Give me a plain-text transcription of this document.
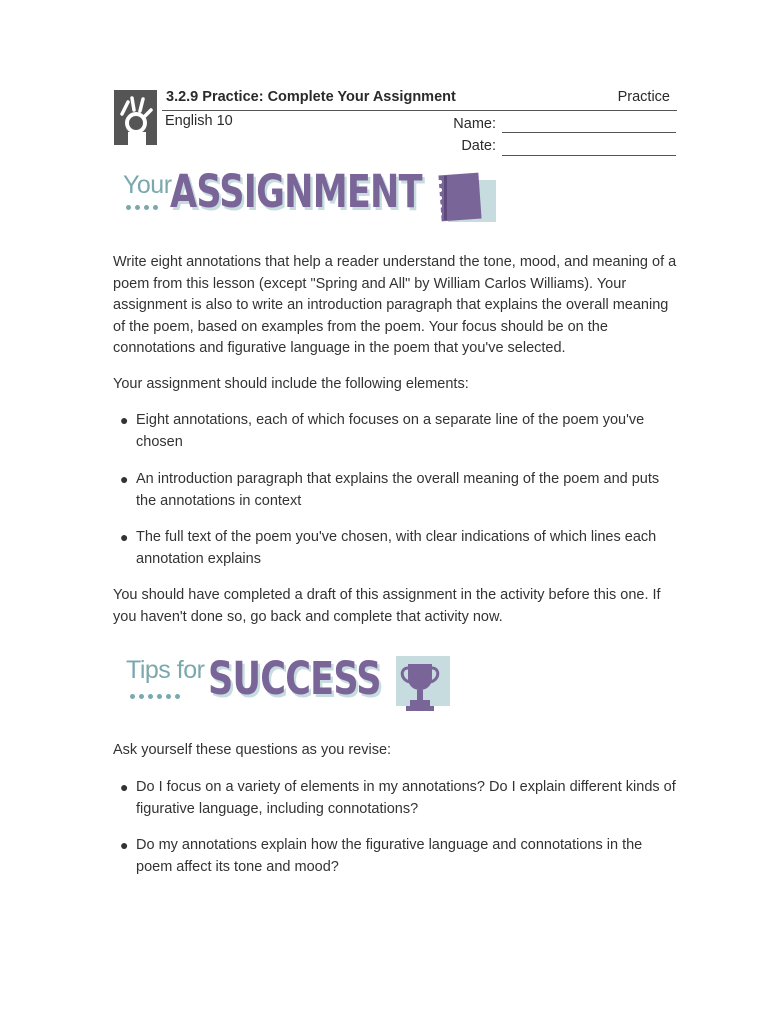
3.2.9 Practice: Complete Your Assignment	Practice
English 10	Name:
Date:
Your
ASSIGNMENT

Write eight annotations that help a reader understand the tone, mood, and meaning of a poem from this lesson (except "Spring and All" by William Carlos Williams). Your assignment is also to write an introduction paragraph that explains the overall meaning of the poem, based on examples from the poem. Your focus should be on the connotations and figurative language in the poem that you've selected.

Your assignment should include the following elements:

● Eight annotations, each of which focuses on a separate line of the poem you've chosen
● An introduction paragraph that explains the overall meaning of the poem and puts the annotations in context
● The full text of the poem you've chosen, with clear indications of which lines each annotation explains

You should have completed a draft of this assignment in the activity before this one. If you haven't done so, go back and complete that activity now.

Tips for SUCCESS

Ask yourself these questions as you revise:

● Do I focus on a variety of elements in my annotations? Do I explain different kinds of figurative language, including connotations?
● Do my annotations explain how the figurative language and connotations in the poem affect its tone and mood?
